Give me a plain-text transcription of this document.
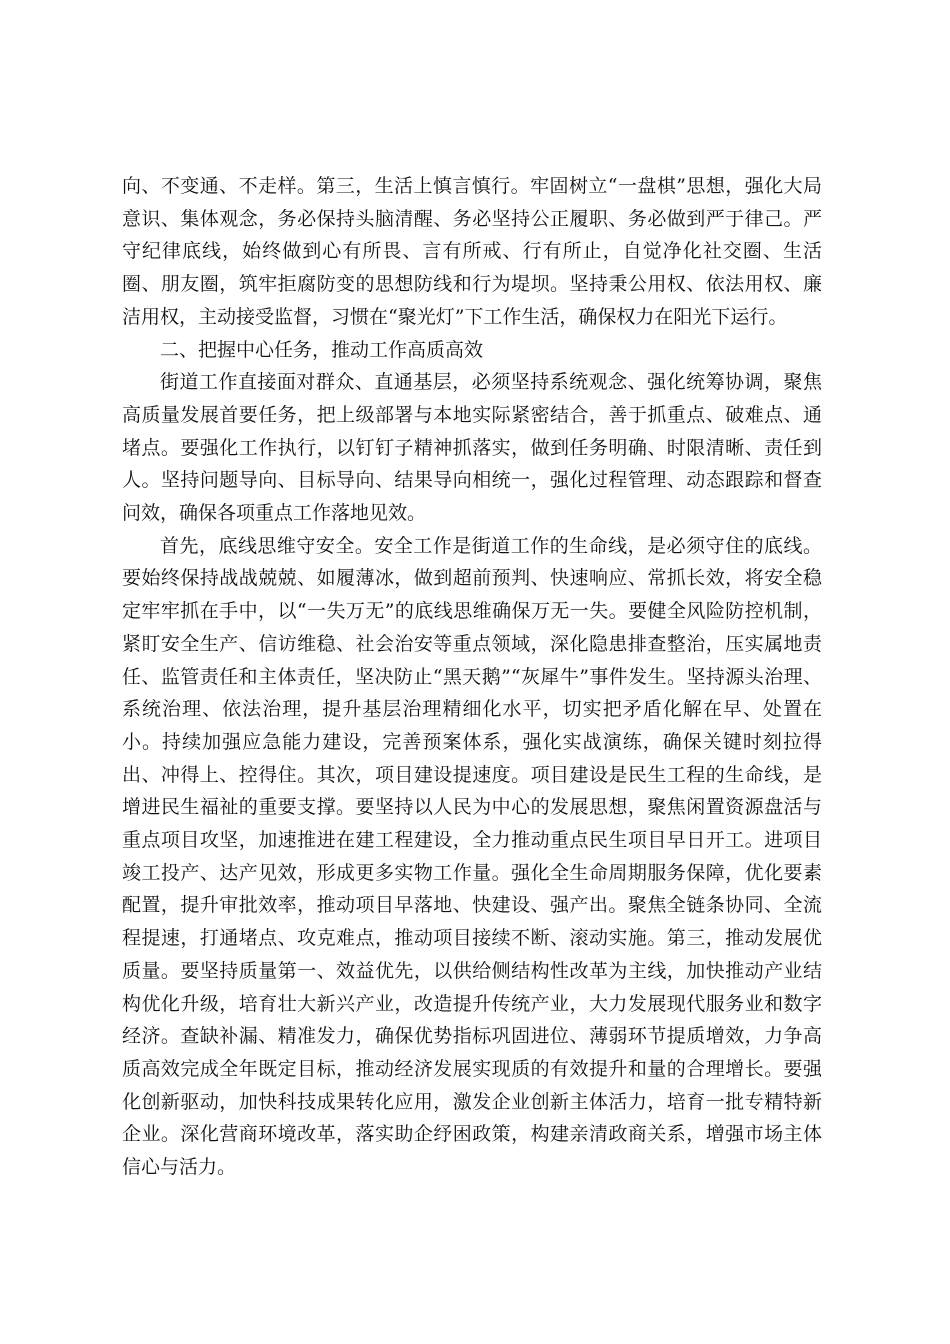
向、不变通、不走样。第三，生活上慎言慎行。牢固树立“一盘棋”思想，强化大局意识、集体观念，务必保持头脑清醒、务必坚持公正履职、务必做到严于律己。严守纪律底线，始终做到心有所畏、言有所戒、行有所止，自觉净化社交圈、生活圈、朋友圈，筑牢拒腐防变的思想防线和行为堤坝。坚持秉公用权、依法用权、廉洁用权，主动接受监督，习惯在“聚光灯”下工作生活，确保权力在阳光下运行。

二、把握中心任务，推动工作高质高效

街道工作直接面对群众、直通基层，必须坚持系统观念、强化统筹协调，聚焦高质量发展首要任务，把上级部署与本地实际紧密结合，善于抓重点、破难点、通堵点。要强化工作执行，以钉钉子精神抓落实，做到任务明确、时限清晰、责任到人。坚持问题导向、目标导向、结果导向相统一，强化过程管理、动态跟踪和督查问效，确保各项重点工作落地见效。

首先，底线思维守安全。安全工作是街道工作的生命线，是必须守住的底线。要始终保持战战兢兢、如履薄冰，做到超前预判、快速响应、常抓长效，将安全稳定牢牢抓在手中，以“一失万无”的底线思维确保万无一失。要健全风险防控机制，紧盯安全生产、信访维稳、社会治安等重点领域，深化隐患排查整治，压实属地责任、监管责任和主体责任，坚决防止“黑天鹅”“灰犀牛”事件发生。坚持源头治理、系统治理、依法治理，提升基层治理精细化水平，切实把矛盾化解在早、处置在小。持续加强应急能力建设，完善预案体系，强化实战演练，确保关键时刻拉得出、冲得上、控得住。其次，项目建设提速度。项目建设是民生工程的生命线，是增进民生福祉的重要支撑。要坚持以人民为中心的发展思想，聚焦闲置资源盘活与重点项目攻坚，加速推进在建工程建设，全力推动重点民生项目早日开工。进项目竣工投产、达产见效，形成更多实物工作量。强化全生命周期服务保障，优化要素配置，提升审批效率，推动项目早落地、快建设、强产出。聚焦全链条协同、全流程提速，打通堵点、攻克难点，推动项目接续不断、滚动实施。第三，推动发展优质量。要坚持质量第一、效益优先，以供给侧结构性改革为主线，加快推动产业结构优化升级，培育壮大新兴产业，改造提升传统产业，大力发展现代服务业和数字经济。查缺补漏、精准发力，确保优势指标巩固进位、薄弱环节提质增效，力争高质高效完成全年既定目标，推动经济发展实现质的有效提升和量的合理增长。要强化创新驱动，加快科技成果转化应用，激发企业创新主体活力，培育一批专精特新企业。深化营商环境改革，落实助企纾困政策，构建亲清政商关系，增强市场主体信心与活力。
